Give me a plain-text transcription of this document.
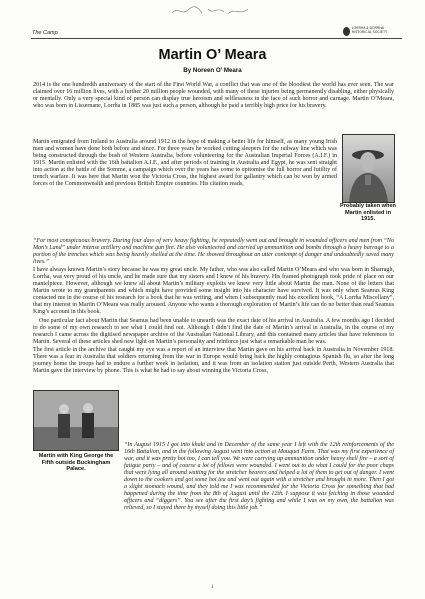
The Camp
LORRHA & DORRHA HISTORICAL SOCIETY
Martin O’ Meara
By Noreen O’ Meara

2014 is the one hundredth anniversary of the start of the First World War, a conflict that was one of the bloodiest the world has ever seen. The war claimed over 16 million lives, with a further 20 million people wounded, with many of these injuries being permanently disabling, either physically or mentally. Only a very special kind of person can display true heroism and selflessness in the face of such horror and carnage. Martin O’Meara, who was born in Lissernane, Lorrha in 1885 was just such a person, although he paid a terribly high price for his bravery.

Martin emigrated from Ireland to Australia around 1912 in the hope of making a better life for himself, as many young Irish men and women have done both before and since. For three years he worked cutting sleepers for the railway line which was being constructed through the bush of Western Australia, before volunteering for the Australian Imperial Forces (A.I.F.) in 1915. Martin enlisted with the 16th battalion A.I.F., and after periods of training in Australia and Egypt, he was sent straight into action at the battle of the Somme, a campaign which over the years has come to epitomise the full horror and futility of trench warfare. It was here that Martin won the Victoria Cross, the highest award for gallantry which can be won by armed forces of the Commonwealth and previous British Empire countries. His citation reads,

Probably taken when Martin enlisted in 1915.

“For most conspicuous bravery. During four days of very heavy fighting, he repeatedly went out and brought in wounded officers and men from “No Man’s Land” under intense artillery and machine gun fire. He also volunteered and carried up ammunition and bombs through a heavy barrage to a portion of the trenches which was being heavily shelled at the time. He showed throughout an utter contempt of danger and undoubtedly saved many lives.”

I have always known Martin’s story because he was my great uncle. My father, who was also called Martin O’Meara and who was born in Sharragh, Lorrha, was very proud of his uncle, and he made sure that my sisters and I knew of his bravery. His framed photograph took pride of place on our mantelpiece. However, although we knew all about Martin’s military exploits we knew very little about Martin the man. None of the letters that Martin wrote to my grandparents and which might have provided some insight into his character have survived. It was only when Seamus King contacted me in the course of his research for a book that he was writing, and when I subsequently read his excellent book, “A Lorrha Miscellany”, that my interest in Martin O’Meara was really aroused. Anyone who wants a thorough exploration of Martin’s life can do no better than read Seamus King’s account in this book.

One particular fact about Martin that Seamus had been unable to unearth was the exact date of his arrival in Australia. A few months ago I decided to do some of my own research to see what I could find out. Although I didn’t find the date of Martin’s arrival in Australia, in the course of my research I came across the digitised newspaper archive of the Australian National Library, and this contained many articles that have references to Martin. Several of these articles shed new light on Martin’s personality and reinforce just what a remarkable man he was.

The first article in the archive that caught my eye was a report of an interview that Martin gave on his arrival back in Australia in November 1918. There was a fear in Australia that soldiers returning from the war in Europe would bring back the highly contagious Spanish flu, so after the long journey home the troops had to endure a further week in isolation, and it was from an isolation station just outside Perth, Western Australia that Martin gave the interview by phone. This is what he had to say about winning the Victoria Cross,

Martin with King George the Fifth outside Buckingham Palace.

“In August 1915 I got into khaki and in December of the same year I left with the 12th reinforcements of the 16th Battalion, and in the following August went into action at Mouquet Farm. That was my first experience of war, and it was pretty hot too, I can tell you. We were carrying up ammunition under heavy shell fire – a sort of fatigue party – and of course a lot of fellows were wounded. I went out to do what I could for the poor chaps that were lying all around waiting for the stretcher bearers and helped a lot of them to get out of danger. I went down to the cookers and got some hot tea and went out again with a stretcher and brought in more. Then I got a slight stomach wound, and they told me I was recommended for the Victoria Cross for something that had happened during the time from the 8th of August until the 12th. I suppose it was fetching in those wounded officers and “diggers”. You see after the first day’s fighting and while I was on my own, the battalion was relieved, so I stayed there by myself doing this little job.”

1
